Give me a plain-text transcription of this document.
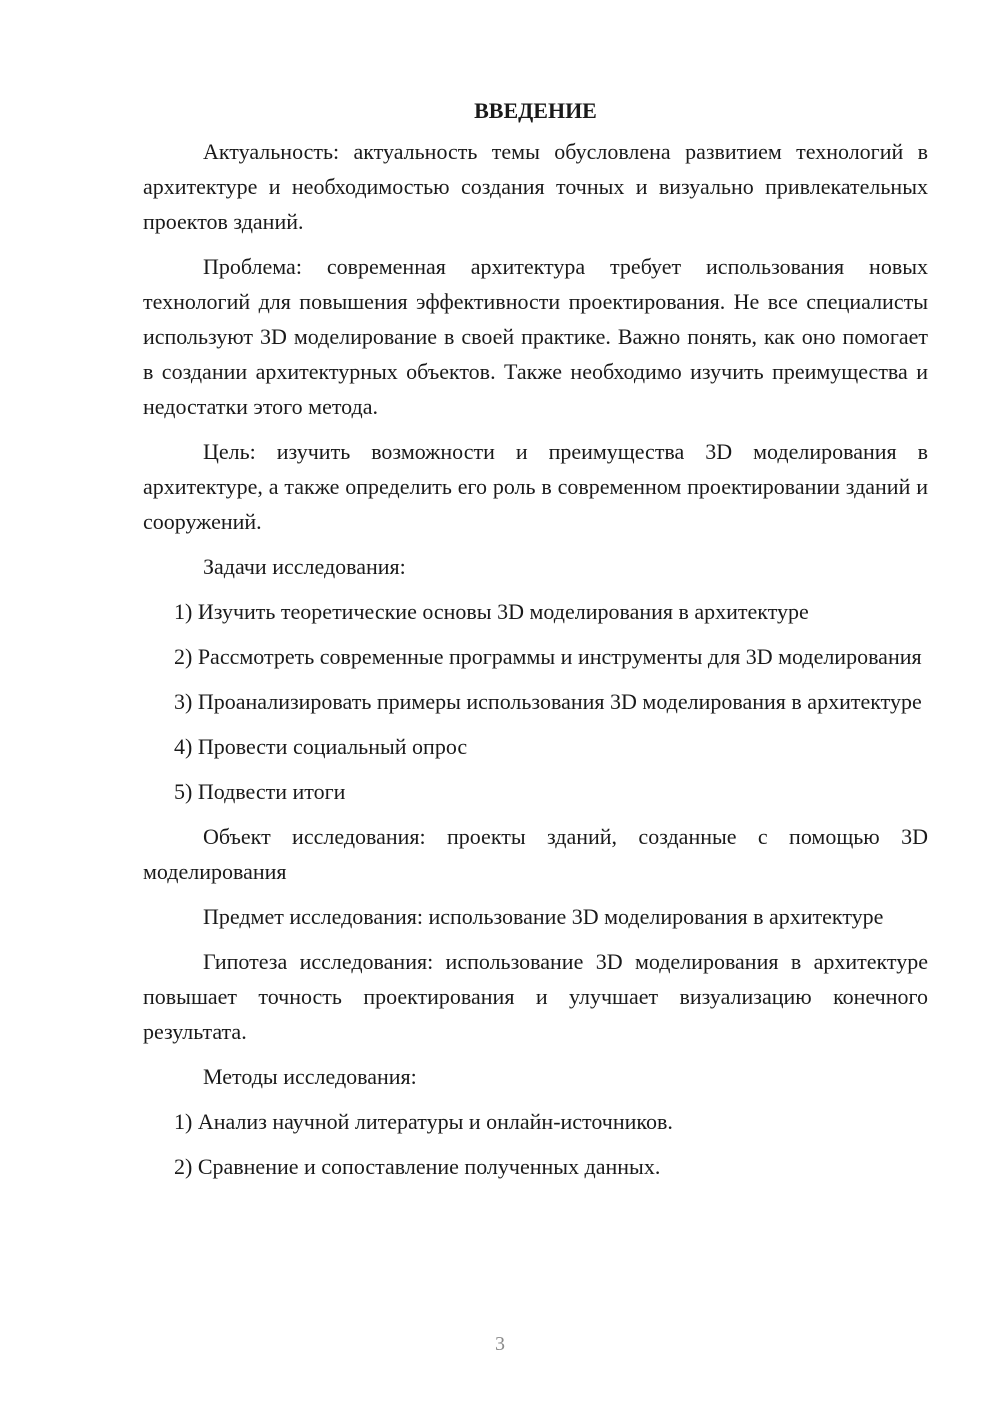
ВВЕДЕНИЕ

Актуальность: актуальность темы обусловлена развитием технологий в архитектуре и необходимостью создания точных и визуально привлекательных проектов зданий.

Проблема: современная архитектура требует использования новых технологий для повышения эффективности проектирования. Не все специалисты используют 3D моделирование в своей практике. Важно понять, как оно помогает в создании архитектурных объектов. Также необходимо изучить преимущества и недостатки этого метода.

Цель: изучить возможности и преимущества 3D моделирования в архитектуре, а также определить его роль в современном проектировании зданий и сооружений.

Задачи исследования:

1) Изучить теоретические основы 3D моделирования в архитектуре

2) Рассмотреть современные программы и инструменты для 3D моделирования

3) Проанализировать примеры использования 3D моделирования в архитектуре

4) Провести социальный опрос

5) Подвести итоги

Объект исследования: проекты зданий, созданные с помощью 3D моделирования

Предмет исследования: использование 3D моделирования в архитектуре

Гипотеза исследования: использование 3D моделирования в архитектуре повышает точность проектирования и улучшает визуализацию конечного результата.

Методы исследования:

1) Анализ научной литературы и онлайн-источников.

2) Сравнение и сопоставление полученных данных.

3
